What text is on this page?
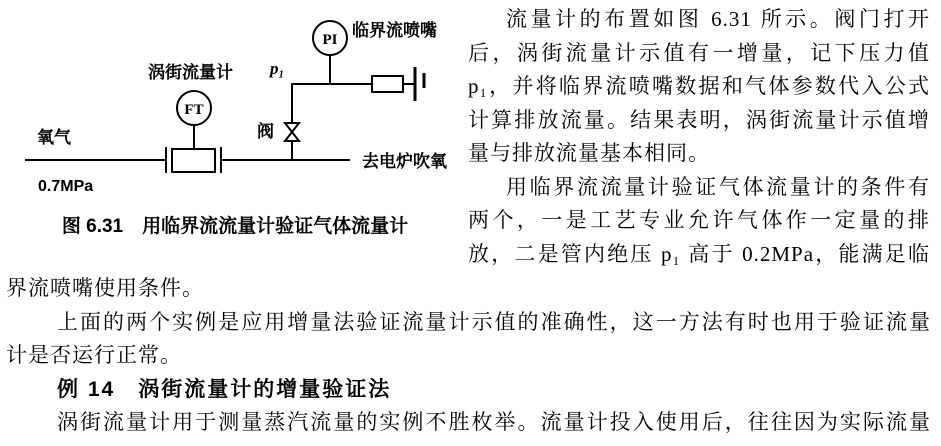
FT
PI
氧气
0.7MPa
涡街流量计
阀
p₁
临界流喷嘴
去电炉吹氧
图 6.31　用临界流流量计验证气体流量计
流量计的布置如图 6.31 所示。阀门打开
后，涡街流量计示值有一增量，记下压力值
p₁，并将临界流喷嘴数据和气体参数代入公式
计算排放流量。结果表明，涡街流量计示值增
量与排放流量基本相同。
用临界流流量计验证气体流量计的条件有
两个，一是工艺专业允许气体作一定量的排
放，二是管内绝压 p₁ 高于 0.2MPa，能满足临
界流喷嘴使用条件。
上面的两个实例是应用增量法验证流量计示值的准确性，这一方法有时也用于验证流量
计是否运行正常。
例 14　涡街流量计的增量验证法
涡街流量计用于测量蒸汽流量的实例不胜枚举。流量计投入使用后，往往因为实际流量
